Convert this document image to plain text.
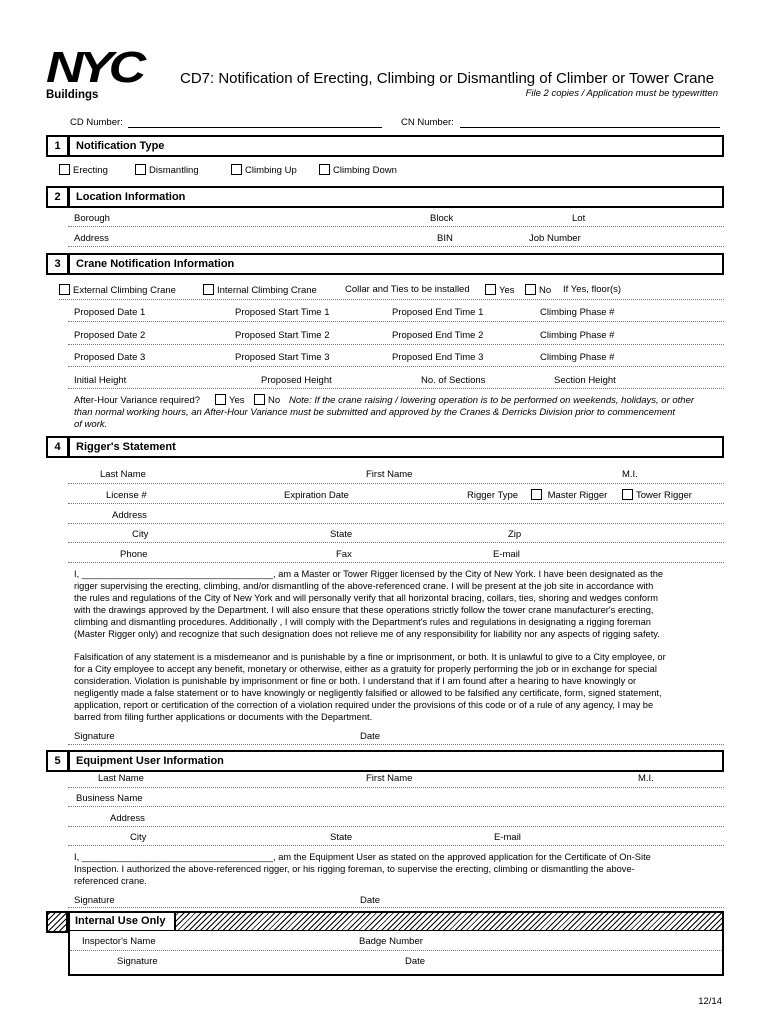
NYC
Buildings
CD7: Notification of Erecting, Climbing or Dismantling of Climber or Tower Crane
File 2 copies / Application must be typewritten
CD Number:	CN Number:
1	Notification Type
Erecting	Dismantling	Climbing Up	Climbing Down
2	Location Information
Borough	Block	Lot
Address	BIN	Job Number
3	Crane Notification Information
External Climbing Crane	Internal Climbing Crane	Collar and Ties to be installed	Yes	No If Yes, floor(s)
Proposed Date 1	Proposed Start Time 1	Proposed End Time 1	Climbing Phase #
Proposed Date 2	Proposed Start Time 2	Proposed End Time 2	Climbing Phase #
Proposed Date 3	Proposed Start Time 3	Proposed End Time 3	Climbing Phase #
Initial Height	Proposed Height	No. of Sections	Section Height
After-Hour Variance required?	Yes	No Note: If the crane raising / lowering operation is to be performed on weekends, holidays, or other
than normal working hours, an After-Hour Variance must be submitted and approved by the Cranes & Derricks Division prior to commencement
of work.
4	Rigger's Statement
Last Name	First Name	M.I.
License #	Expiration Date	Rigger Type	Master Rigger	Tower Rigger
Address
City	State	Zip
Phone	Fax	E-mail
I, _____________________________________, am a Master or Tower Rigger licensed by the City of New York. I have been designated as the
rigger supervising the erecting, climbing, and/or dismantling of the above-referenced crane. I will be present at the job site in accordance with
the rules and regulations of the City of New York and will personally verify that all horizontal bracing, collars, ties, shoring and wedges conform
with the drawings approved by the Department. I will also ensure that these operations strictly follow the tower crane manufacturer's erecting,
climbing and dismantling procedures. Additionally , I will comply with the Department's rules and regulations in designating a rigging foreman
(Master Rigger only) and recognize that such designation does not relieve me of any responsibility for liability nor any aspects of rigging safety.
Falsification of any statement is a misdemeanor and is punishable by a fine or imprisonment, or both. It is unlawful to give to a City employee, or
for a City employee to accept any benefit, monetary or otherwise, either as a gratuity for properly performing the job or in exchange for special
consideration. Violation is punishable by imprisonment or fine or both. I understand that if I am found after a hearing to have knowingly or
negligently made a false statement or to have knowingly or negligently falsified or allowed to be falsified any certificate, form, signed statement,
application, report or certification of the correction of a violation required under the provisions of this code or of a rule of any agency, I may be
barred from filing further applications or documents with the Department.
Signature	Date
5	Equipment User Information
Last Name	First Name	M.I.
Business Name
Address
City	State	E-mail
I, _____________________________________, am the Equipment User as stated on the approved application for the Certificate of On-Site
Inspection. I authorized the above-referenced rigger, or his rigging foreman, to supervise the erecting, climbing or dismantling the above-
referenced crane.
Signature	Date
Internal Use Only
Inspector's Name	Badge Number
Signature	Date
12/14
